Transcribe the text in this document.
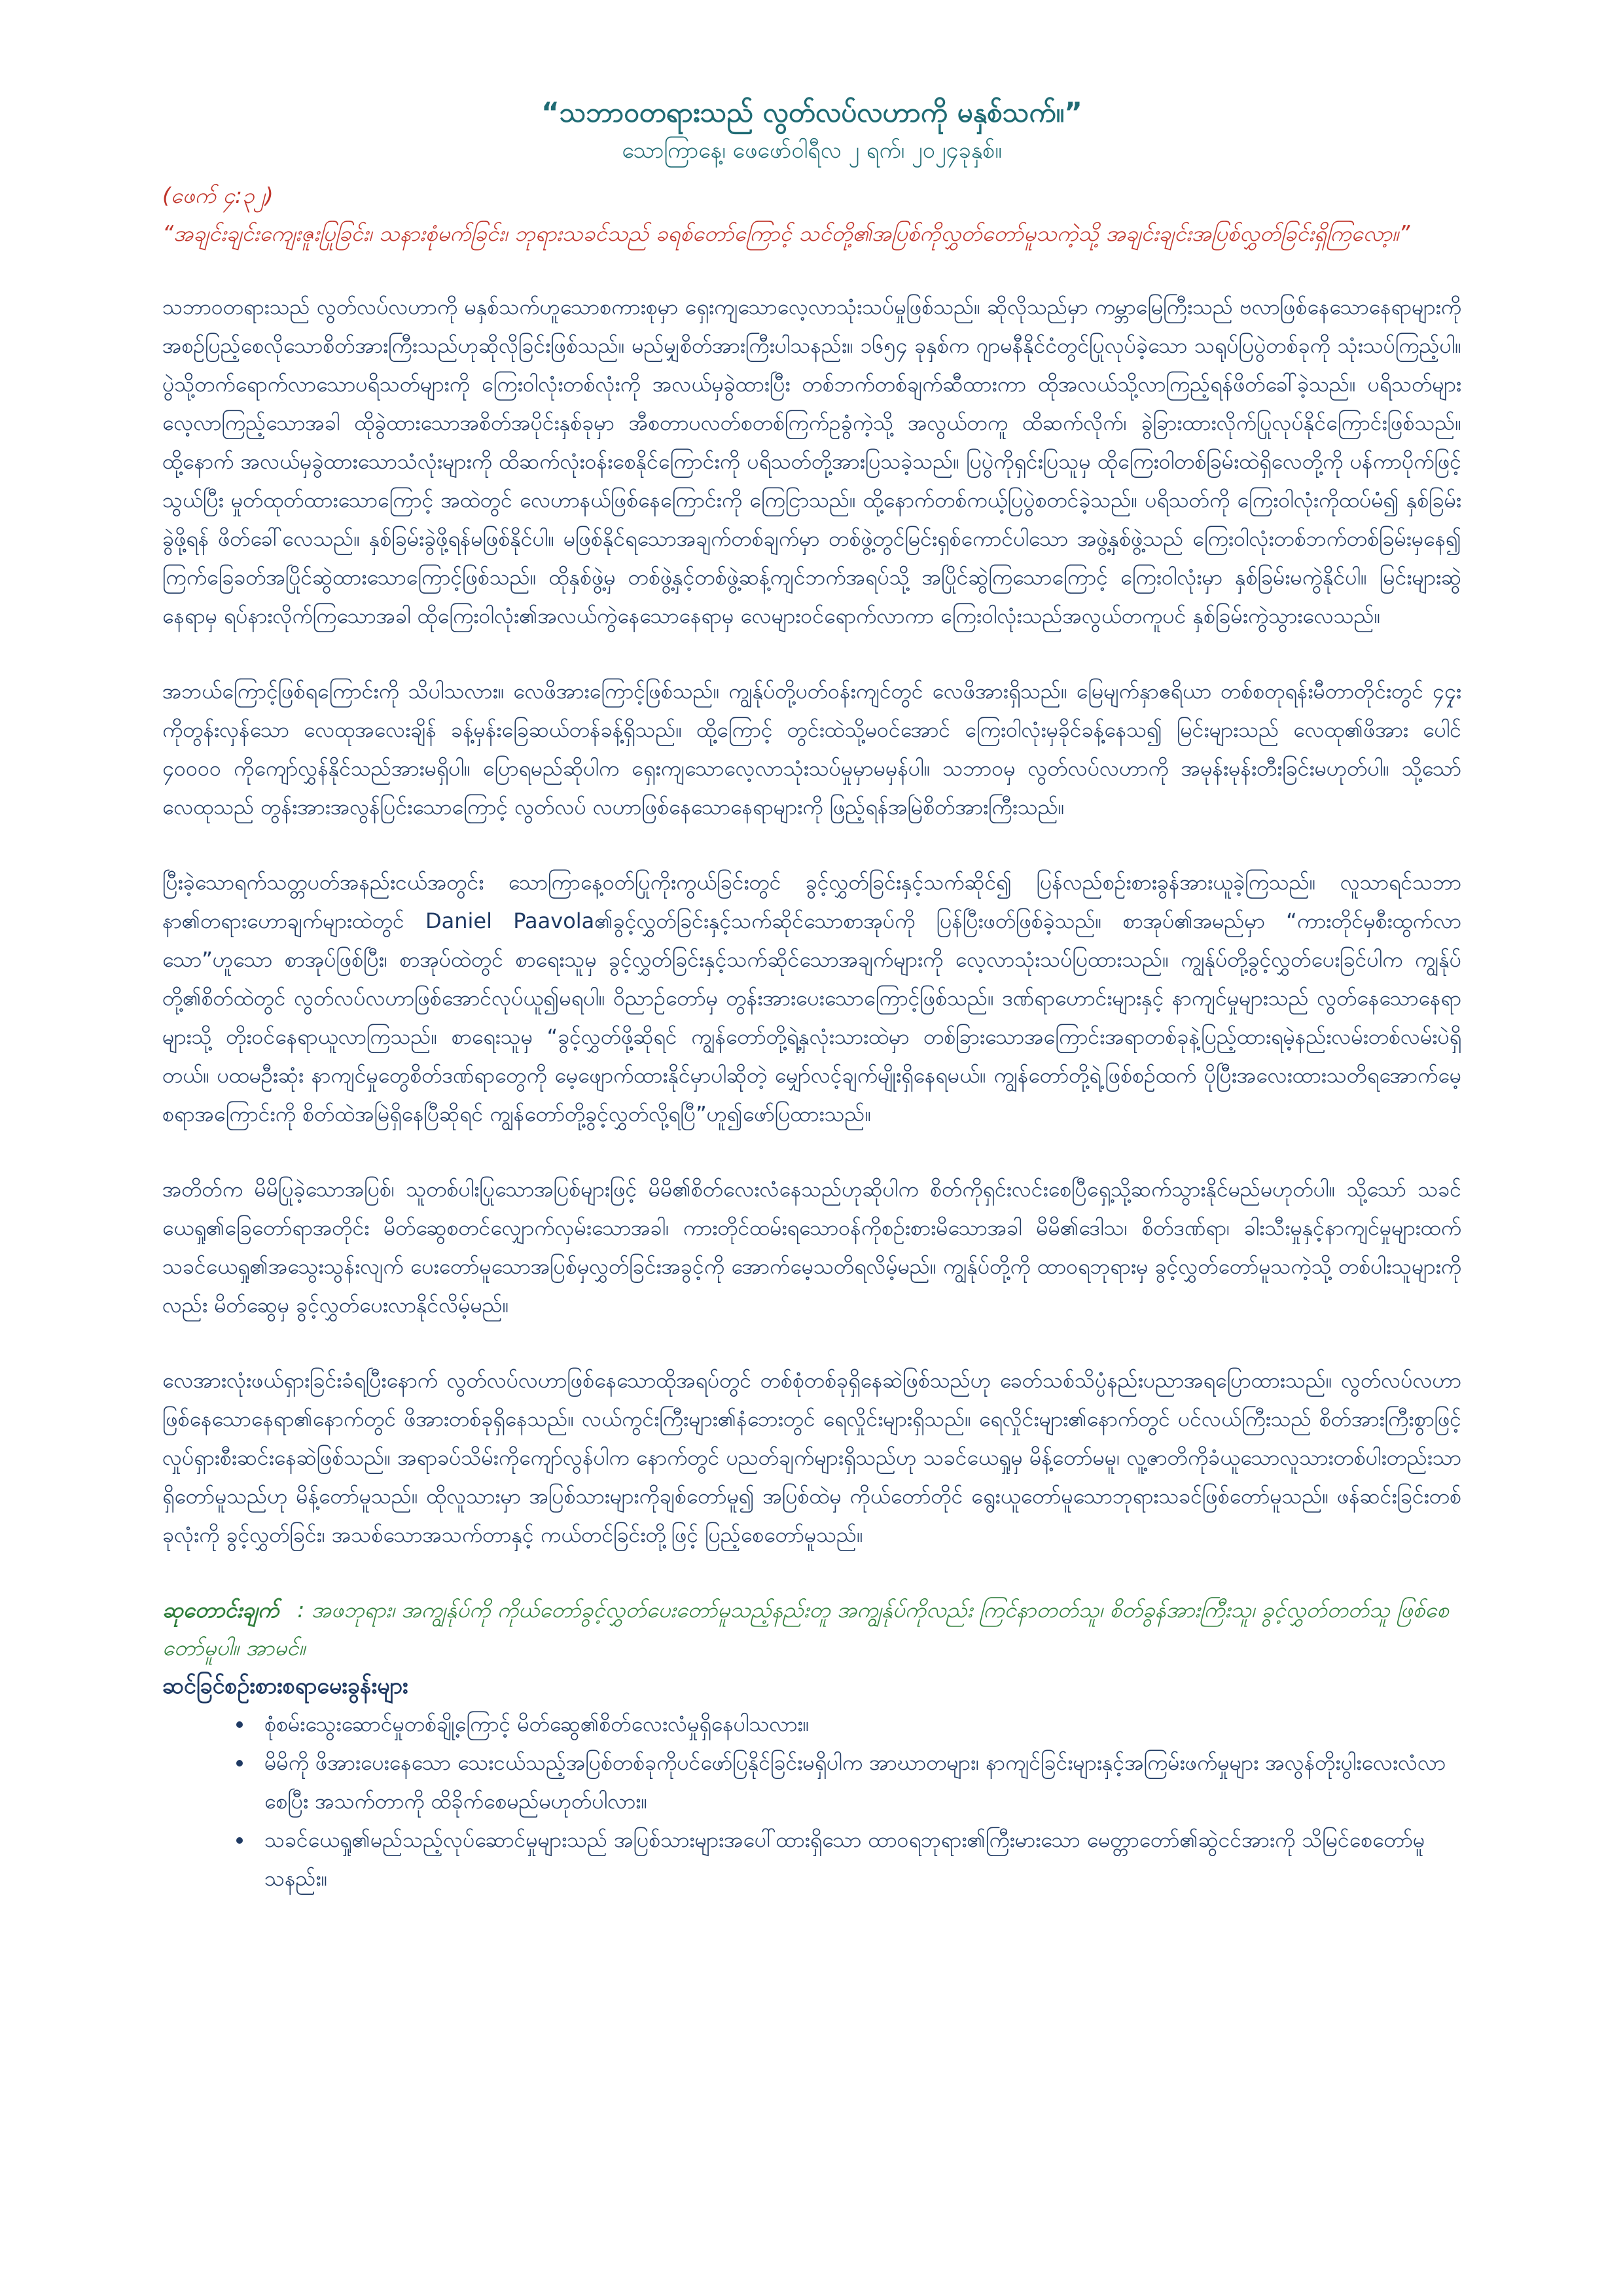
“သဘာဝတရားသည် လွတ်လပ်လဟာကို မနှစ်သက်။”

သောကြာနေ့၊ ဖေဖော်ဝါရီလ ၂ ရက်၊ ၂၀၂၄ခုနှစ်။

(ဖေက် ၄:၃၂)

“အချင်းချင်းကျေးဇူးပြုခြင်း၊ သနားစုံမက်ခြင်း၊ ဘုရားသခင်သည် ခရစ်တော်ကြောင့် သင်တို့၏အပြစ်ကိုလွှတ်တော်မူသကဲ့သို့ အချင်းချင်းအပြစ်လွှတ်ခြင်းရှိကြလော့။”

သဘာဝတရားသည် လွတ်လပ်လဟာကို မနှစ်သက်ဟူသောစကားစုမှာ ရှေးကျသောလေ့လာသုံးသပ်မှုဖြစ်သည်။ ဆိုလိုသည်မှာ ကမ္ဘာမြေကြီးသည် ဗလာဖြစ်နေသောနေရာများကို အစဉ်ပြည့်စေလိုသောစိတ်အားကြီးသည်ဟုဆိုလိုခြင်းဖြစ်သည်။ မည်မျှစိတ်အားကြီးပါသနည်း။ ၁၆၅၄ ခုနှစ်က ဂျာမနီနိုင်ငံတွင်ပြုလုပ်ခဲ့သော သရုပ်ပြပွဲတစ်ခုကို သုံးသပ်ကြည့်ပါ။ ပွဲသို့တက်ရောက်လာသောပရိသတ်များကို ကြေးဝါလုံးတစ်လုံးကို အလယ်မှခွဲထားပြီး တစ်ဘက်တစ်ချက်ဆီထားကာ ထိုအလယ်သို့လာကြည့်ရန်ဖိတ်ခေါ်ခဲ့သည်။ ပရိသတ်များလေ့လာကြည့်သောအခါ ထိုခွဲထားသောအစိတ်အပိုင်းနှစ်ခုမှာ အီစတာပလတ်စတစ်ကြက်ဥခွံကဲ့သို့ အလွယ်တကူ ထိဆက်လိုက်၊ ခွဲခြားထားလိုက်ပြုလုပ်နိုင်ကြောင်းဖြစ်သည်။ ထို့နောက် အလယ်မှခွဲထားသောသံလုံးများကို ထိဆက်လုံးဝန်းစေနိုင်ကြောင်းကို ပရိသတ်တို့အားပြသခဲ့သည်။ ပြပွဲကိုရှင်းပြသူမှ ထိုကြေးဝါတစ်ခြမ်းထဲရှိလေတို့ကို ပန်ကာပိုက်ဖြင့်သွယ်ပြီး မှုတ်ထုတ်ထားသောကြောင့် အထဲတွင် လေဟာနယ်ဖြစ်နေကြောင်းကို ကြေငြာသည်။ ထို့နောက်တစ်ကယ့်ပြပွဲစတင်ခဲ့သည်။ ပရိသတ်ကို ကြေးဝါလုံးကိုထပ်မံ၍ နှစ်ခြမ်းခွဲဖို့ရန် ဖိတ်ခေါ်လေသည်။ နှစ်ခြမ်းခွဲဖို့ရန်မဖြစ်နိုင်ပါ။ မဖြစ်နိုင်ရသောအချက်တစ်ချက်မှာ တစ်ဖွဲ့တွင်မြင်းရှစ်ကောင်ပါသော အဖွဲ့နှစ်ဖွဲ့သည် ကြေးဝါလုံးတစ်ဘက်တစ်ခြမ်းမှနေ၍ ကြက်ခြေခတ်အပြိုင်ဆွဲထားသောကြောင့်ဖြစ်သည်။ ထိုနှစ်ဖွဲ့မှ တစ်ဖွဲ့နှင့်တစ်ဖွဲ့ဆန့်ကျင်ဘက်အရပ်သို့ အပြိုင်ဆွဲကြသောကြောင့် ကြေးဝါလုံးမှာ နှစ်ခြမ်းမကွဲနိုင်ပါ။ မြင်းများဆွဲနေရာမှ ရပ်နားလိုက်ကြသောအခါ ထိုကြေးဝါလုံး၏အလယ်ကွဲနေသောနေရာမှ လေများဝင်ရောက်လာကာ ကြေးဝါလုံးသည်အလွယ်တကူပင် နှစ်ခြမ်းကွဲသွားလေသည်။

အဘယ်ကြောင့်ဖြစ်ရကြောင်းကို သိပါသလား။ လေဖိအားကြောင့်ဖြစ်သည်။ ကျွန်ုပ်တို့ပတ်ဝန်းကျင်တွင် လေဖိအားရှိသည်။ မြေမျက်နှာဧရိယာ တစ်စတုရန်းမီတာတိုင်းတွင် ၄၄ုးကိုတွန်းလှန်သော လေထုအလေးချိန် ခန့်မှန်းခြေဆယ်တန်ခန့်ရှိသည်။ ထို့ကြောင့် တွင်းထဲသို့မဝင်အောင် ကြေးဝါလုံးမှခိုင်ခန့်နေသ၍ မြင်းများသည် လေထု၏ဖိအား ပေါင် ၄၀၀၀၀ ကိုကျော်လွှန်နိုင်သည်အားမရှိပါ။ ပြောရမည်ဆိုပါက ရှေးကျသောလေ့လာသုံးသပ်မှုမှာမမှန်ပါ။ သဘာဝမှ လွတ်လပ်လဟာကို အမုန်းမုန်းတီးခြင်းမဟုတ်ပါ။ သို့သော် လေထုသည် တွန်းအားအလွန်ပြင်းသောကြောင့် လွတ်လပ် လဟာဖြစ်နေသောနေရာများကို ဖြည့်ရန်အမြဲစိတ်အားကြီးသည်။

ပြီးခဲ့သောရက်သတ္တပတ်အနည်းငယ်အတွင်း သောကြာနေ့ဝတ်ပြုကိုးကွယ်ခြင်းတွင် ခွင့်လွှတ်ခြင်းနှင့်သက်ဆိုင်၍ ပြန်လည်စဉ်းစားခွန်အားယူခဲ့ကြသည်။ လူသာရင်သဘာနာ၏တရားဟောချက်များထဲတွင် Daniel Paavola၏ခွင့်လွှတ်ခြင်းနှင့်သက်ဆိုင်သောစာအုပ်ကို ပြန်ပြီးဖတ်ဖြစ်ခဲ့သည်။ စာအုပ်၏အမည်မှာ “ကားတိုင်မှစီးထွက်လာသော”ဟူသော စာအုပ်ဖြစ်ပြီး၊ စာအုပ်ထဲတွင် စာရေးသူမှ ခွင့်လွှတ်ခြင်းနှင့်သက်ဆိုင်သောအချက်များကို လေ့လာသုံးသပ်ပြထားသည်။ ကျွန်ုပ်တို့ခွင့်လွှတ်ပေးခြင်ပါက ကျွန်ုပ်တို့၏စိတ်ထဲတွင် လွတ်လပ်လဟာဖြစ်အောင်လုပ်ယူ၍မရပါ။ ဝိညာဉ်တော်မှ တွန်းအားပေးသောကြောင့်ဖြစ်သည်။ ဒဏ်ရာဟောင်းများနှင့် နာကျင်မှုများသည် လွတ်နေသောနေရာများသို့ တိုးဝင်နေရာယူလာကြသည်။ စာရေးသူမှ “ခွင့်လွှတ်ဖို့ဆိုရင် ကျွန်တော်တို့ရဲ့နှလုံးသားထဲမှာ တစ်ခြားသောအကြောင်းအရာတစ်ခုနဲ့ပြည့်ထားရမဲ့နည်းလမ်းတစ်လမ်းပဲရှိတယ်။ ပထမဦးဆုံး နာကျင်မှုတွေစိတ်ဒဏ်ရာတွေကို မေ့ဖျောက်ထားနိုင်မှာပါဆိုတဲ့ မျှော်လင့်ချက်မျိုးရှိနေရမယ်။ ကျွန်တော်တို့ရဲ့ဖြစ်စဉ်ထက် ပိုပြီးအလေးထားသတိရအောက်မေ့စရာအကြောင်းကို စိတ်ထဲအမြဲရှိနေပြီဆိုရင် ကျွန်တော်တို့ခွင့်လွှတ်လို့ရပြီ”ဟူ၍ဖော်ပြထားသည်။

အတိတ်က မိမိပြုခဲ့သောအပြစ်၊ သူတစ်ပါးပြုသောအပြစ်များဖြင့် မိမိ၏စိတ်လေးလံနေသည်ဟုဆိုပါက စိတ်ကိုရှင်းလင်းစေပြီရှေ့သို့ဆက်သွားနိုင်မည်မဟုတ်ပါ။ သို့သော် သခင်ယေရှု၏ခြေတော်ရာအတိုင်း မိတ်ဆွေစတင်လျှောက်လှမ်းသောအခါ၊ ကားတိုင်ထမ်းရသောဝန်ကိုစဉ်းစားမိသောအခါ မိမိ၏ဒေါသ၊ စိတ်ဒဏ်ရာ၊ ခါးသီးမှုနှင့်နာကျင်မှုများထက် သခင်ယေရှု၏အသွေးသွန်းလျက် ပေးတော်မူသောအပြစ်မှလွှတ်ခြင်းအခွင့်ကို အောက်မေ့သတိရလိမ့်မည်။ ကျွန်ုပ်တို့ကို ထာဝရဘုရားမှ ခွင့်လွှတ်တော်မူသကဲ့သို့ တစ်ပါးသူများကိုလည်း မိတ်ဆွေမှ ခွင့်လွှတ်ပေးလာနိုင်လိမ့်မည်။

လေအားလုံးဖယ်ရှားခြင်းခံရပြီးနောက် လွတ်လပ်လဟာဖြစ်နေသောထိုအရပ်တွင် တစ်စုံတစ်ခုရှိနေဆဲဖြစ်သည်ဟု ခေတ်သစ်သိပ္ပံနည်းပညာအရပြောထားသည်။ လွတ်လပ်လဟာဖြစ်နေသောနေရာ၏နောက်တွင် ဖိအားတစ်ခုရှိနေသည်။ လယ်ကွင်းကြီးများ၏နံဘေးတွင် ရေလှိုင်းများရှိသည်။ ရေလှိုင်းများ၏နောက်တွင် ပင်လယ်ကြီးသည် စိတ်အားကြီးစွာဖြင့်လှုပ်ရှားစီးဆင်းနေဆဲဖြစ်သည်။ အရာခပ်သိမ်းကိုကျော်လွန်ပါက နောက်တွင် ပညတ်ချက်များရှိသည်ဟု သခင်ယေရှုမှ မိန့်တော်မမူ၊ လူ့ဇာတိကိုခံယူသောလူသားတစ်ပါးတည်းသာရှိတော်မူသည်ဟု မိန့်တော်မူသည်။ ထိုလူသားမှာ အပြစ်သားများကိုချစ်တော်မူ၍ အပြစ်ထဲမှ ကိုယ်တော်တိုင် ရွေးယူတော်မူသောဘုရားသခင်ဖြစ်တော်မူသည်။ ဖန်ဆင်းခြင်းတစ်ခုလုံးကို ခွင့်လွှတ်ခြင်း၊ အသစ်သောအသက်တာနှင့် ကယ်တင်ခြင်းတို့ဖြင့် ပြည့်စေတော်မူသည်။

ဆုတောင်းချက် : အဖဘုရား၊ အကျွန်ုပ်ကို ကိုယ်တော်ခွင့်လွှတ်ပေးတော်မူသည့်နည်းတူ အကျွန်ုပ်ကိုလည်း ကြင်နာတတ်သူ၊ စိတ်ခွန်အားကြီးသူ၊ ခွင့်လွှတ်တတ်သူ ဖြစ်စေတော်မူပါ။ အာမင်။

ဆင်ခြင်စဉ်းစားစရာမေးခွန်းများ

• စုံစမ်းသွေးဆောင်မှုတစ်ချို့ကြောင့် မိတ်ဆွေ၏စိတ်လေးလံမှုရှိနေပါသလား။
• မိမိကို ဖိအားပေးနေသော သေးငယ်သည့်အပြစ်တစ်ခုကိုပင်ဖော်ပြနိုင်ခြင်းမရှိပါက အာဃာတများ၊ နာကျင်ခြင်းများနှင့်အကြမ်းဖက်မှုများ အလွန်တိုးပွါးလေးလံလာစေပြီး အသက်တာကို ထိခိုက်စေမည်မဟုတ်ပါလား။
• သခင်ယေရှု၏မည်သည့်လုပ်ဆောင်မှုများသည် အပြစ်သားများအပေါ်ထားရှိသော ထာဝရဘုရား၏ကြီးမားသော မေတ္တာတော်၏ဆွဲငင်အားကို သိမြင်စေတော်မူသနည်း။
